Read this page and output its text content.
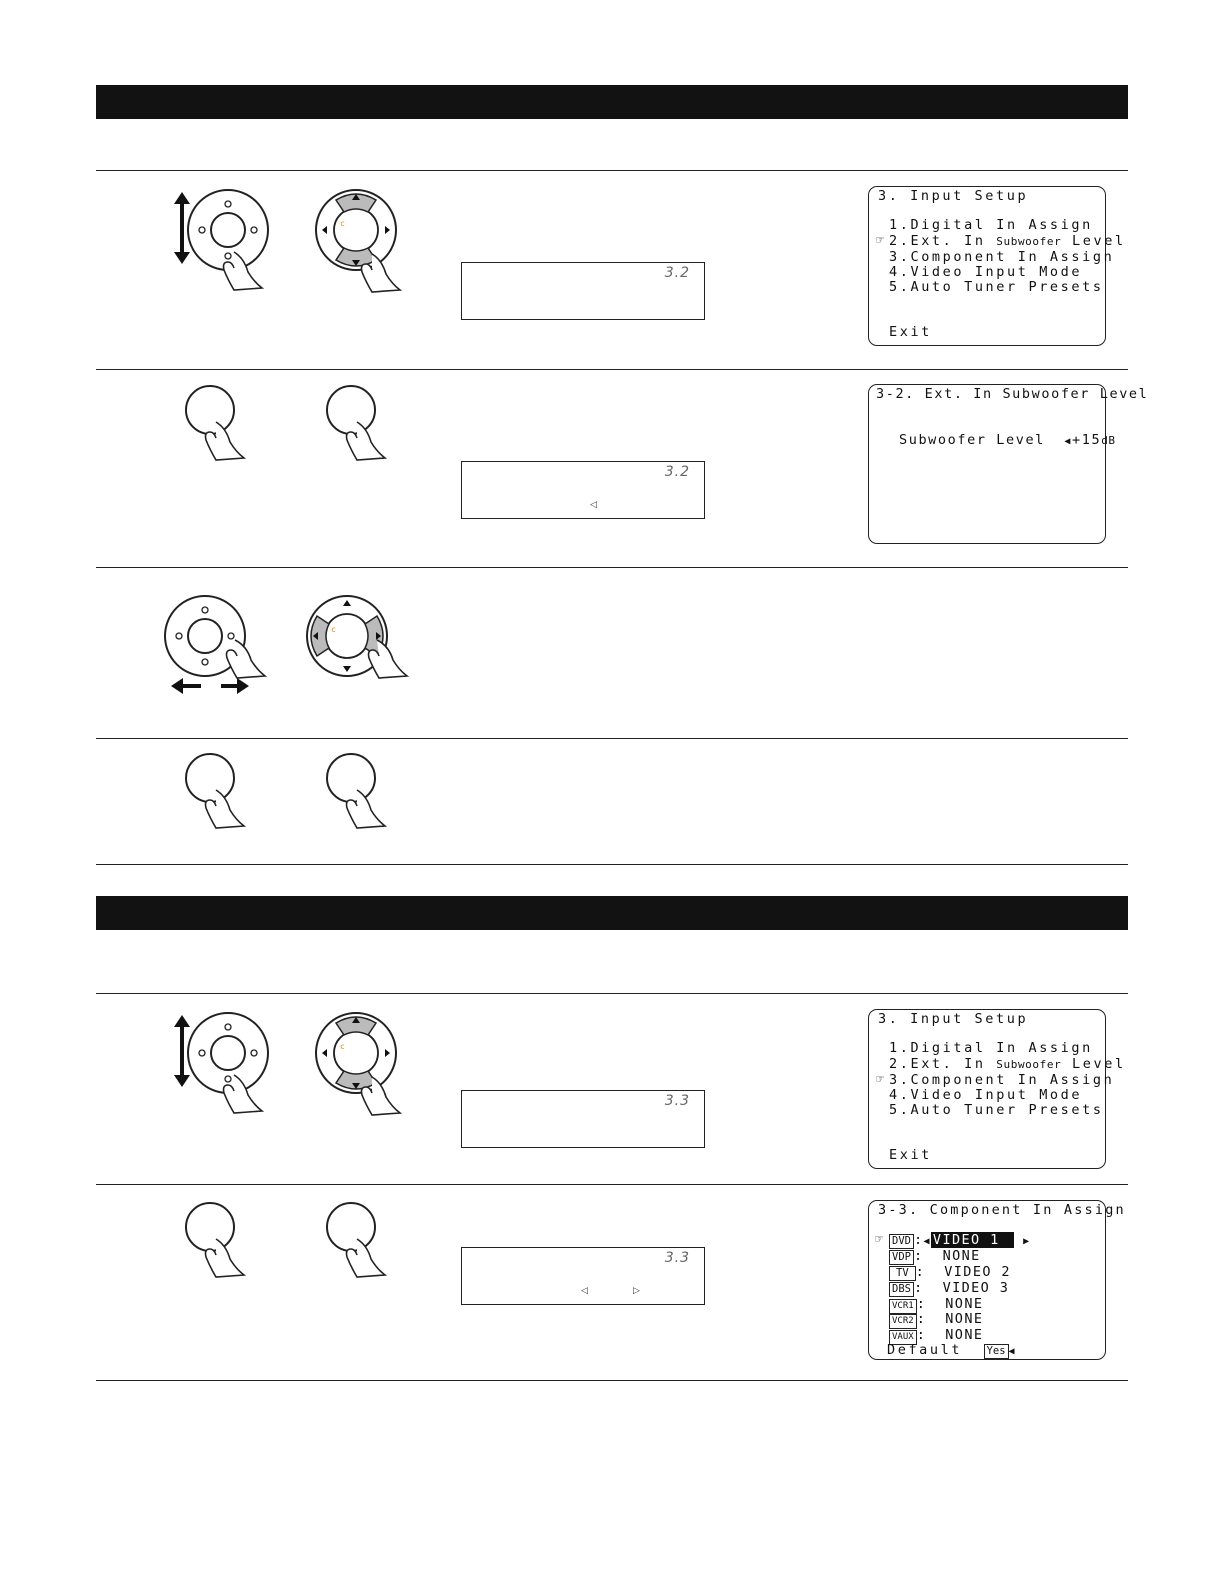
c
3.2
3. Input Setup
1.Digital In Assign
☞ 2.Ext. In Subwoofer Level
3.Component In Assign
4.Video Input Mode
5.Auto Tuner Presets
Exit
3.2
◁
3-2. Ext. In Subwoofer Level
Subwoofer Level ◀+15dB
c
c
3.3
3. Input Setup
1.Digital In Assign
2.Ext. In Subwoofer Level
☞ 3.Component In Assign
4.Video Input Mode
5.Auto Tuner Presets
Exit
3.3
◁	▷
3-3. Component In Assign
☞ DVD :◀ VIDEO 1 ▶
VDP :  NONE
TV :  VIDEO 2
DBS :  VIDEO 3
VCR1 :  NONE
VCR2 :  NONE
VAUX :  NONE
Default Yes ◀
